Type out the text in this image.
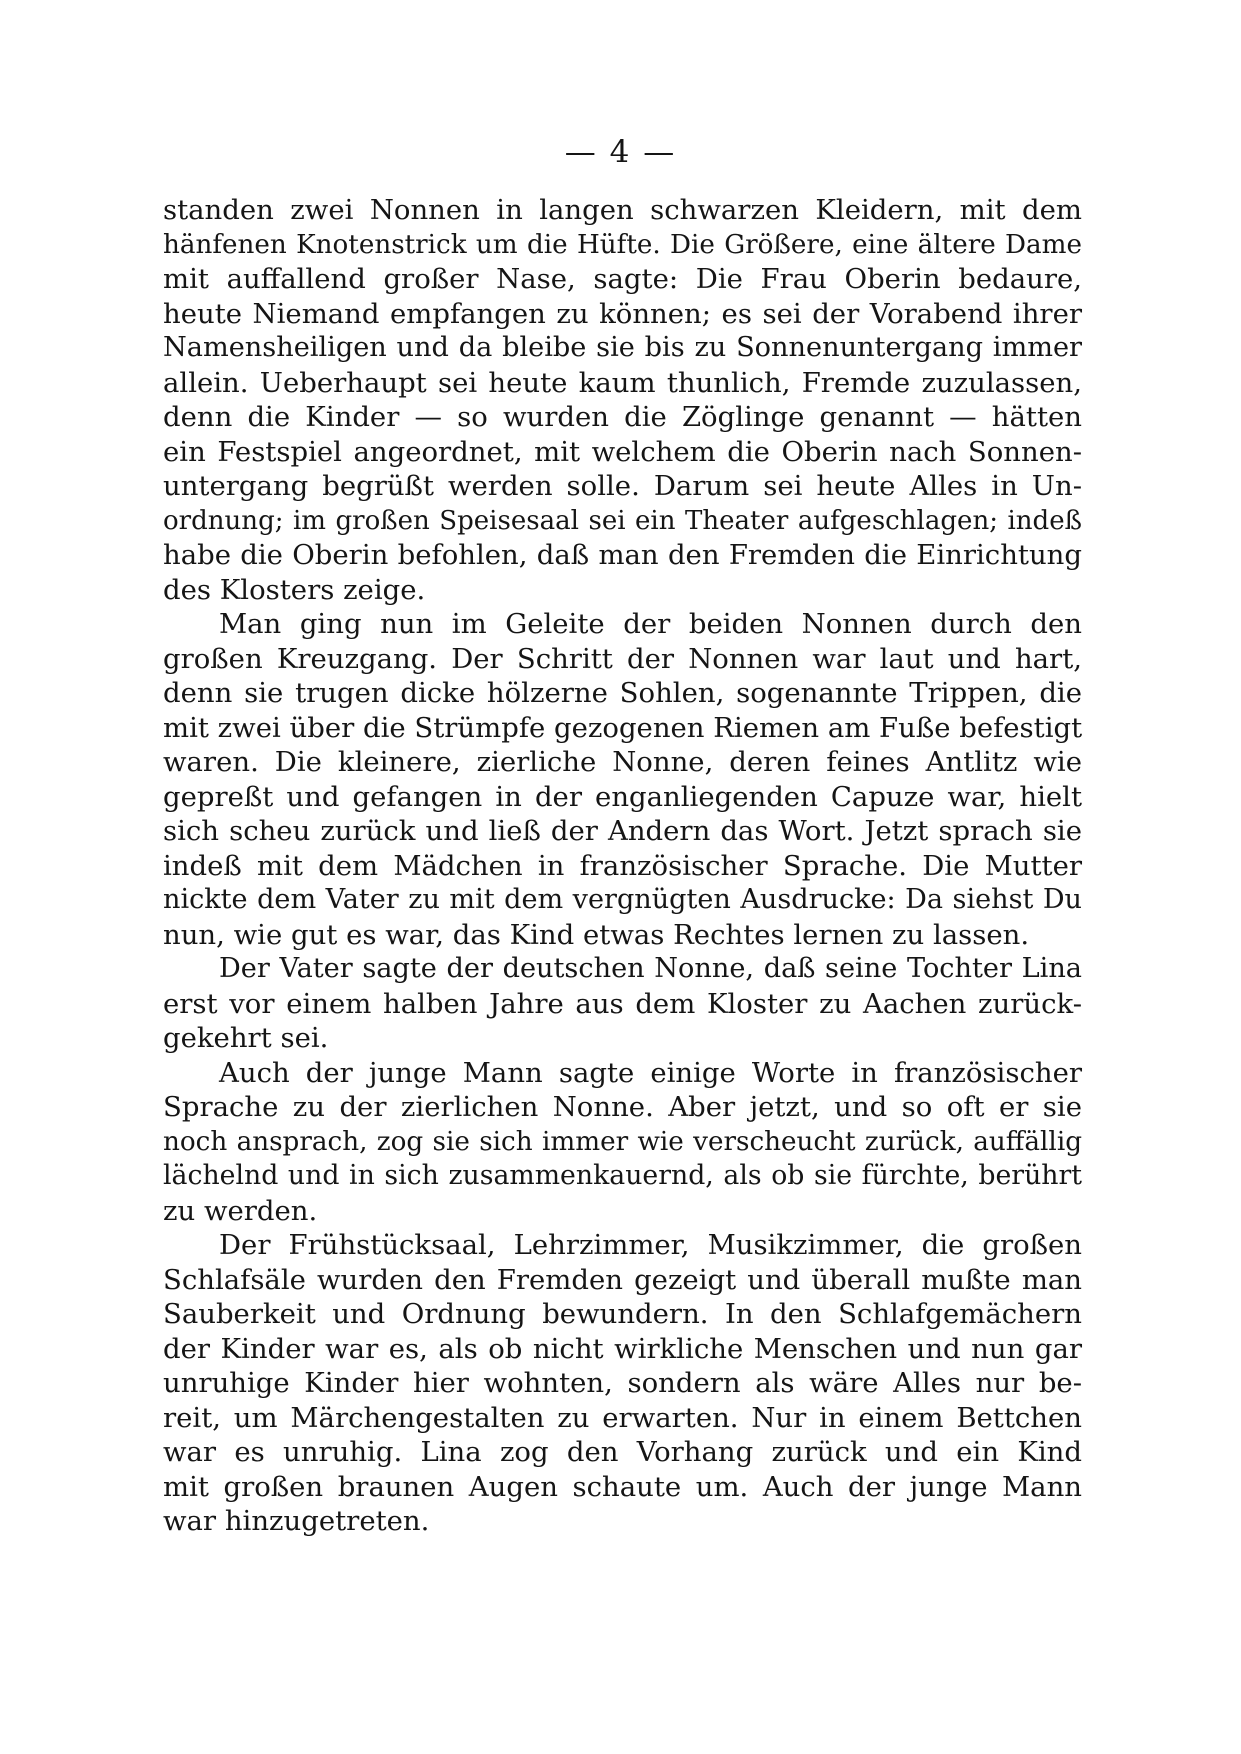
— 4 —
standen zwei Nonnen in langen schwarzen Kleidern, mit dem
hänfenen Knotenstrick um die Hüfte. Die Größere, eine ältere Dame
mit auffallend großer Nase, sagte: Die Frau Oberin bedaure,
heute Niemand empfangen zu können; es sei der Vorabend ihrer
Namensheiligen und da bleibe sie bis zu Sonnenuntergang immer
allein. Ueberhaupt sei heute kaum thunlich, Fremde zuzulassen,
denn die Kinder — so wurden die Zöglinge genannt — hätten
ein Festspiel angeordnet, mit welchem die Oberin nach Sonnen-
untergang begrüßt werden solle. Darum sei heute Alles in Un-
ordnung; im großen Speisesaal sei ein Theater aufgeschlagen; indeß
habe die Oberin befohlen, daß man den Fremden die Einrichtung
des Klosters zeige.
Man ging nun im Geleite der beiden Nonnen durch den
großen Kreuzgang. Der Schritt der Nonnen war laut und hart,
denn sie trugen dicke hölzerne Sohlen, sogenannte Trippen, die
mit zwei über die Strümpfe gezogenen Riemen am Fuße befestigt
waren. Die kleinere, zierliche Nonne, deren feines Antlitz wie
gepreßt und gefangen in der enganliegenden Capuze war, hielt
sich scheu zurück und ließ der Andern das Wort. Jetzt sprach sie
indeß mit dem Mädchen in französischer Sprache. Die Mutter
nickte dem Vater zu mit dem vergnügten Ausdrucke: Da siehst Du
nun, wie gut es war, das Kind etwas Rechtes lernen zu lassen.
Der Vater sagte der deutschen Nonne, daß seine Tochter Lina
erst vor einem halben Jahre aus dem Kloster zu Aachen zurück-
gekehrt sei.
Auch der junge Mann sagte einige Worte in französischer
Sprache zu der zierlichen Nonne. Aber jetzt, und so oft er sie
noch ansprach, zog sie sich immer wie verscheucht zurück, auffällig
lächelnd und in sich zusammenkauernd, als ob sie fürchte, berührt
zu werden.
Der Frühstücksaal, Lehrzimmer, Musikzimmer, die großen
Schlafsäle wurden den Fremden gezeigt und überall mußte man
Sauberkeit und Ordnung bewundern. In den Schlafgemächern
der Kinder war es, als ob nicht wirkliche Menschen und nun gar
unruhige Kinder hier wohnten, sondern als wäre Alles nur be-
reit, um Märchengestalten zu erwarten. Nur in einem Bettchen
war es unruhig. Lina zog den Vorhang zurück und ein Kind
mit großen braunen Augen schaute um. Auch der junge Mann
war hinzugetreten.
